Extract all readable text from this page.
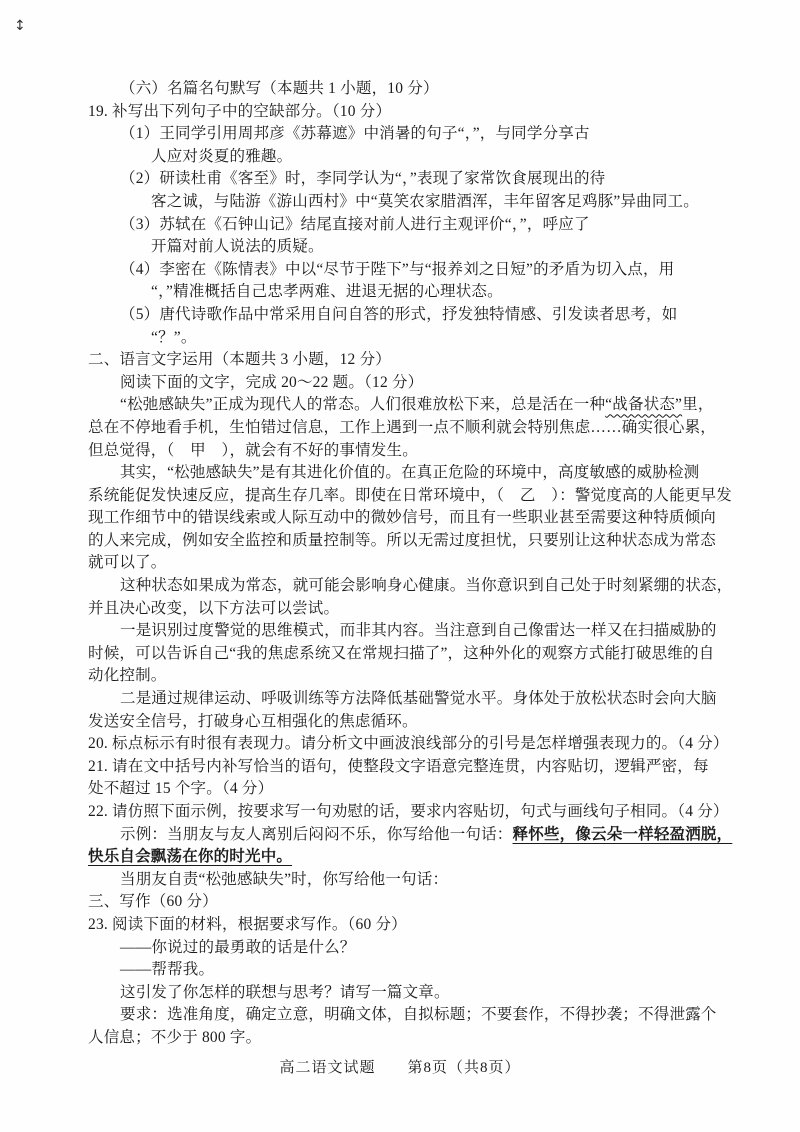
↕
（六）名篇名句默写（本题共 1 小题，10 分）
19. 补写出下列句子中的空缺部分。（10 分）
（1）王同学引用周邦彦《苏幕遮》中消暑的句子“，”，与同学分享古
人应对炎夏的雅趣。
（2）研读杜甫《客至》时，李同学认为“，”表现了家常饮食展现出的待
客之诚，与陆游《游山西村》中“莫笑农家腊酒浑，丰年留客足鸡豚”异曲同工。
（3）苏轼在《石钟山记》结尾直接对前人进行主观评价“，”，呼应了
开篇对前人说法的质疑。
（4）李密在《陈情表》中以“尽节于陛下”与“报养刘之日短”的矛盾为切入点，用
“，”精准概括自己忠孝两难、进退无据的心理状态。
（5）唐代诗歌作品中常采用自问自答的形式，抒发独特情感、引发读者思考，如
“？”。
二、语言文字运用（本题共 3 小题，12 分）
阅读下面的文字，完成 20～22 题。（12 分）
“松弛感缺失”正成为现代人的常态。人们很难放松下来，总是活在一种“战备状态”里，
总在不停地看手机，生怕错过信息，工作上遇到一点不顺利就会特别焦虑……确实很心累，
但总觉得，（　甲　），就会有不好的事情发生。
其实，“松弛感缺失”是有其进化价值的。在真正危险的环境中，高度敏感的威胁检测
系统能促发快速反应，提高生存几率。即使在日常环境中，（　乙　）：警觉度高的人能更早发
现工作细节中的错误线索或人际互动中的微妙信号，而且有一些职业甚至需要这种特质倾向
的人来完成，例如安全监控和质量控制等。所以无需过度担忧，只要别让这种状态成为常态
就可以了。
这种状态如果成为常态，就可能会影响身心健康。当你意识到自己处于时刻紧绷的状态，
并且决心改变，以下方法可以尝试。
一是识别过度警觉的思维模式，而非其内容。当注意到自己像雷达一样又在扫描威胁的
时候，可以告诉自己“我的焦虑系统又在常规扫描了”，这种外化的观察方式能打破思维的自
动化控制。
二是通过规律运动、呼吸训练等方法降低基础警觉水平。身体处于放松状态时会向大脑
发送安全信号，打破身心互相强化的焦虑循环。
20. 标点标示有时很有表现力。请分析文中画波浪线部分的引号是怎样增强表现力的。（4 分）
21. 请在文中括号内补写恰当的语句，使整段文字语意完整连贯，内容贴切，逻辑严密，每
处不超过 15 个字。（4 分）
22. 请仿照下面示例，按要求写一句劝慰的话，要求内容贴切，句式与画线句子相同。（4 分）
示例：当朋友与友人离别后闷闷不乐，你写给他一句话：释怀些，像云朵一样轻盈洒脱，
快乐自会飘荡在你的时光中。
当朋友自责“松弛感缺失”时，你写给他一句话：
三、写作（60 分）
23. 阅读下面的材料，根据要求写作。（60 分）
——你说过的最勇敢的话是什么？
——帮帮我。
这引发了你怎样的联想与思考？请写一篇文章。
要求：选准角度，确定立意，明确文体，自拟标题；不要套作，不得抄袭；不得泄露个
人信息；不少于 800 字。
高二语文试题　　第8页（共8页）
